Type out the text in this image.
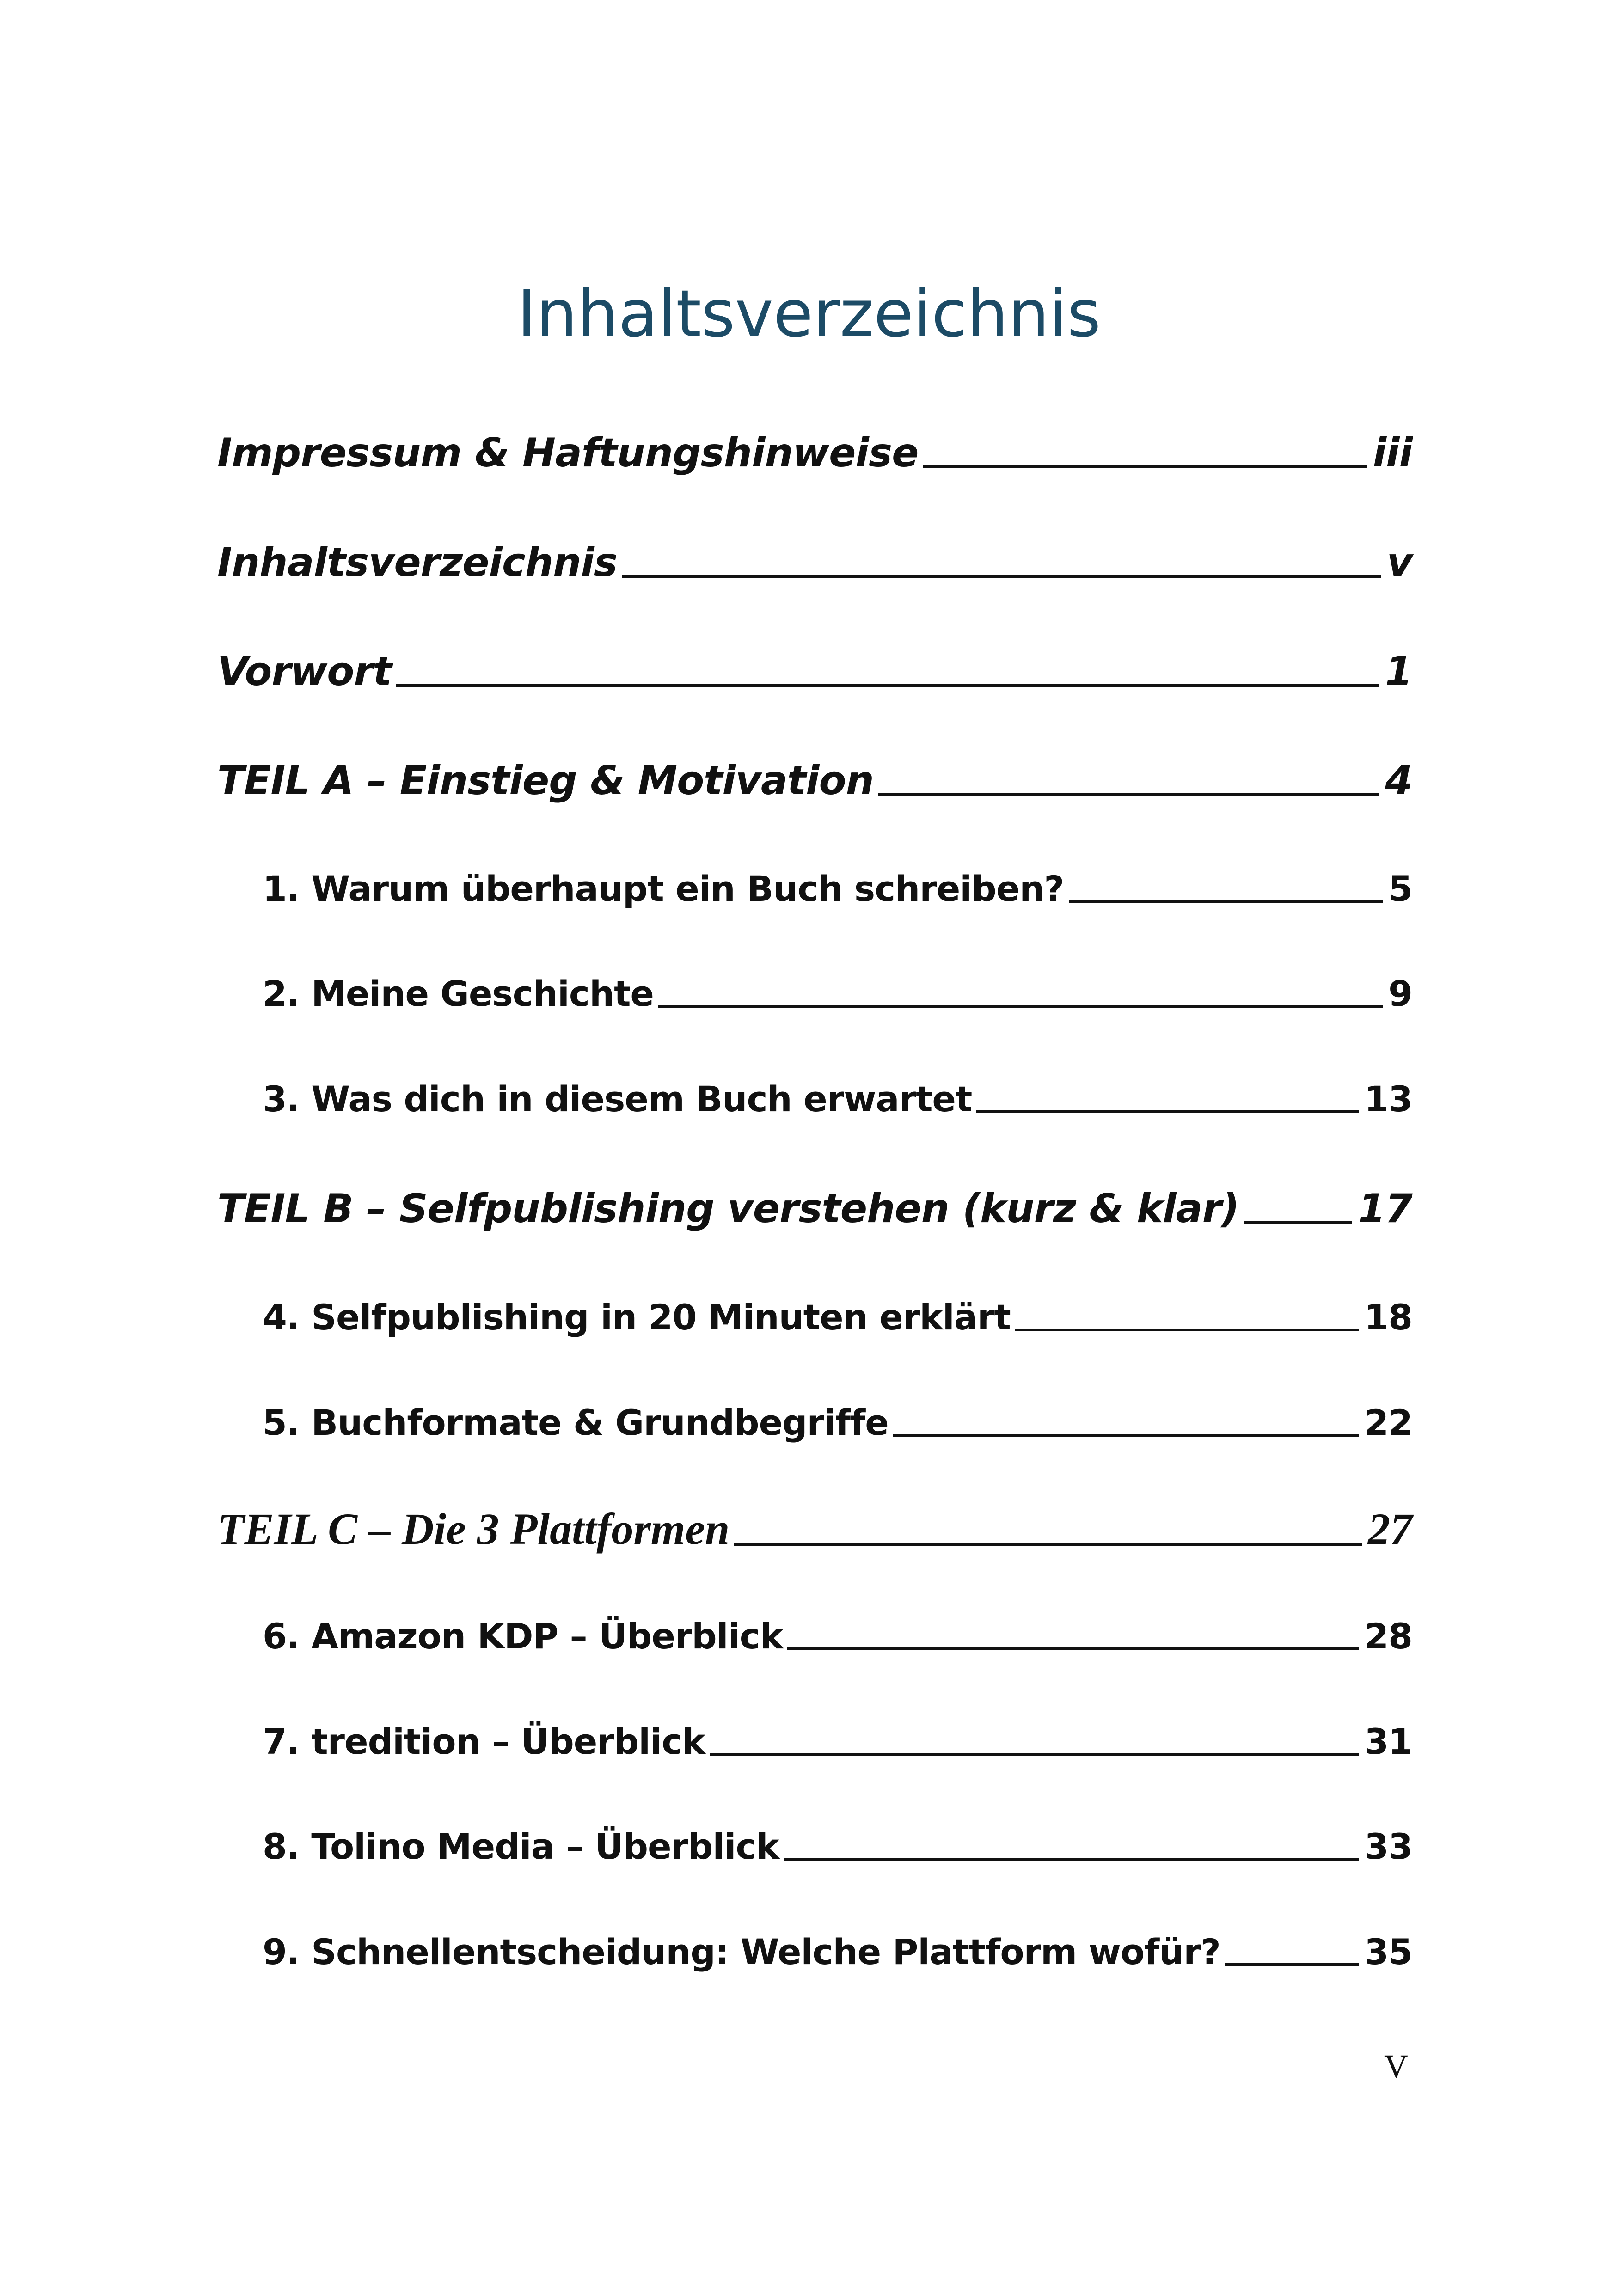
Inhaltsverzeichnis
Impressum & Haftungshinweise	iii
Inhaltsverzeichnis	v
Vorwort	1
TEIL A – Einstieg & Motivation	4
1. Warum überhaupt ein Buch schreiben?	5
2. Meine Geschichte	9
3. Was dich in diesem Buch erwartet	13
TEIL B – Selfpublishing verstehen (kurz & klar)	17
4. Selfpublishing in 20 Minuten erklärt	18
5. Buchformate & Grundbegriffe	22
TEIL C – Die 3 Plattformen	27
6. Amazon KDP – Überblick	28
7. tredition – Überblick	31
8. Tolino Media – Überblick	33
9. Schnellentscheidung: Welche Plattform wofür?	35
V
